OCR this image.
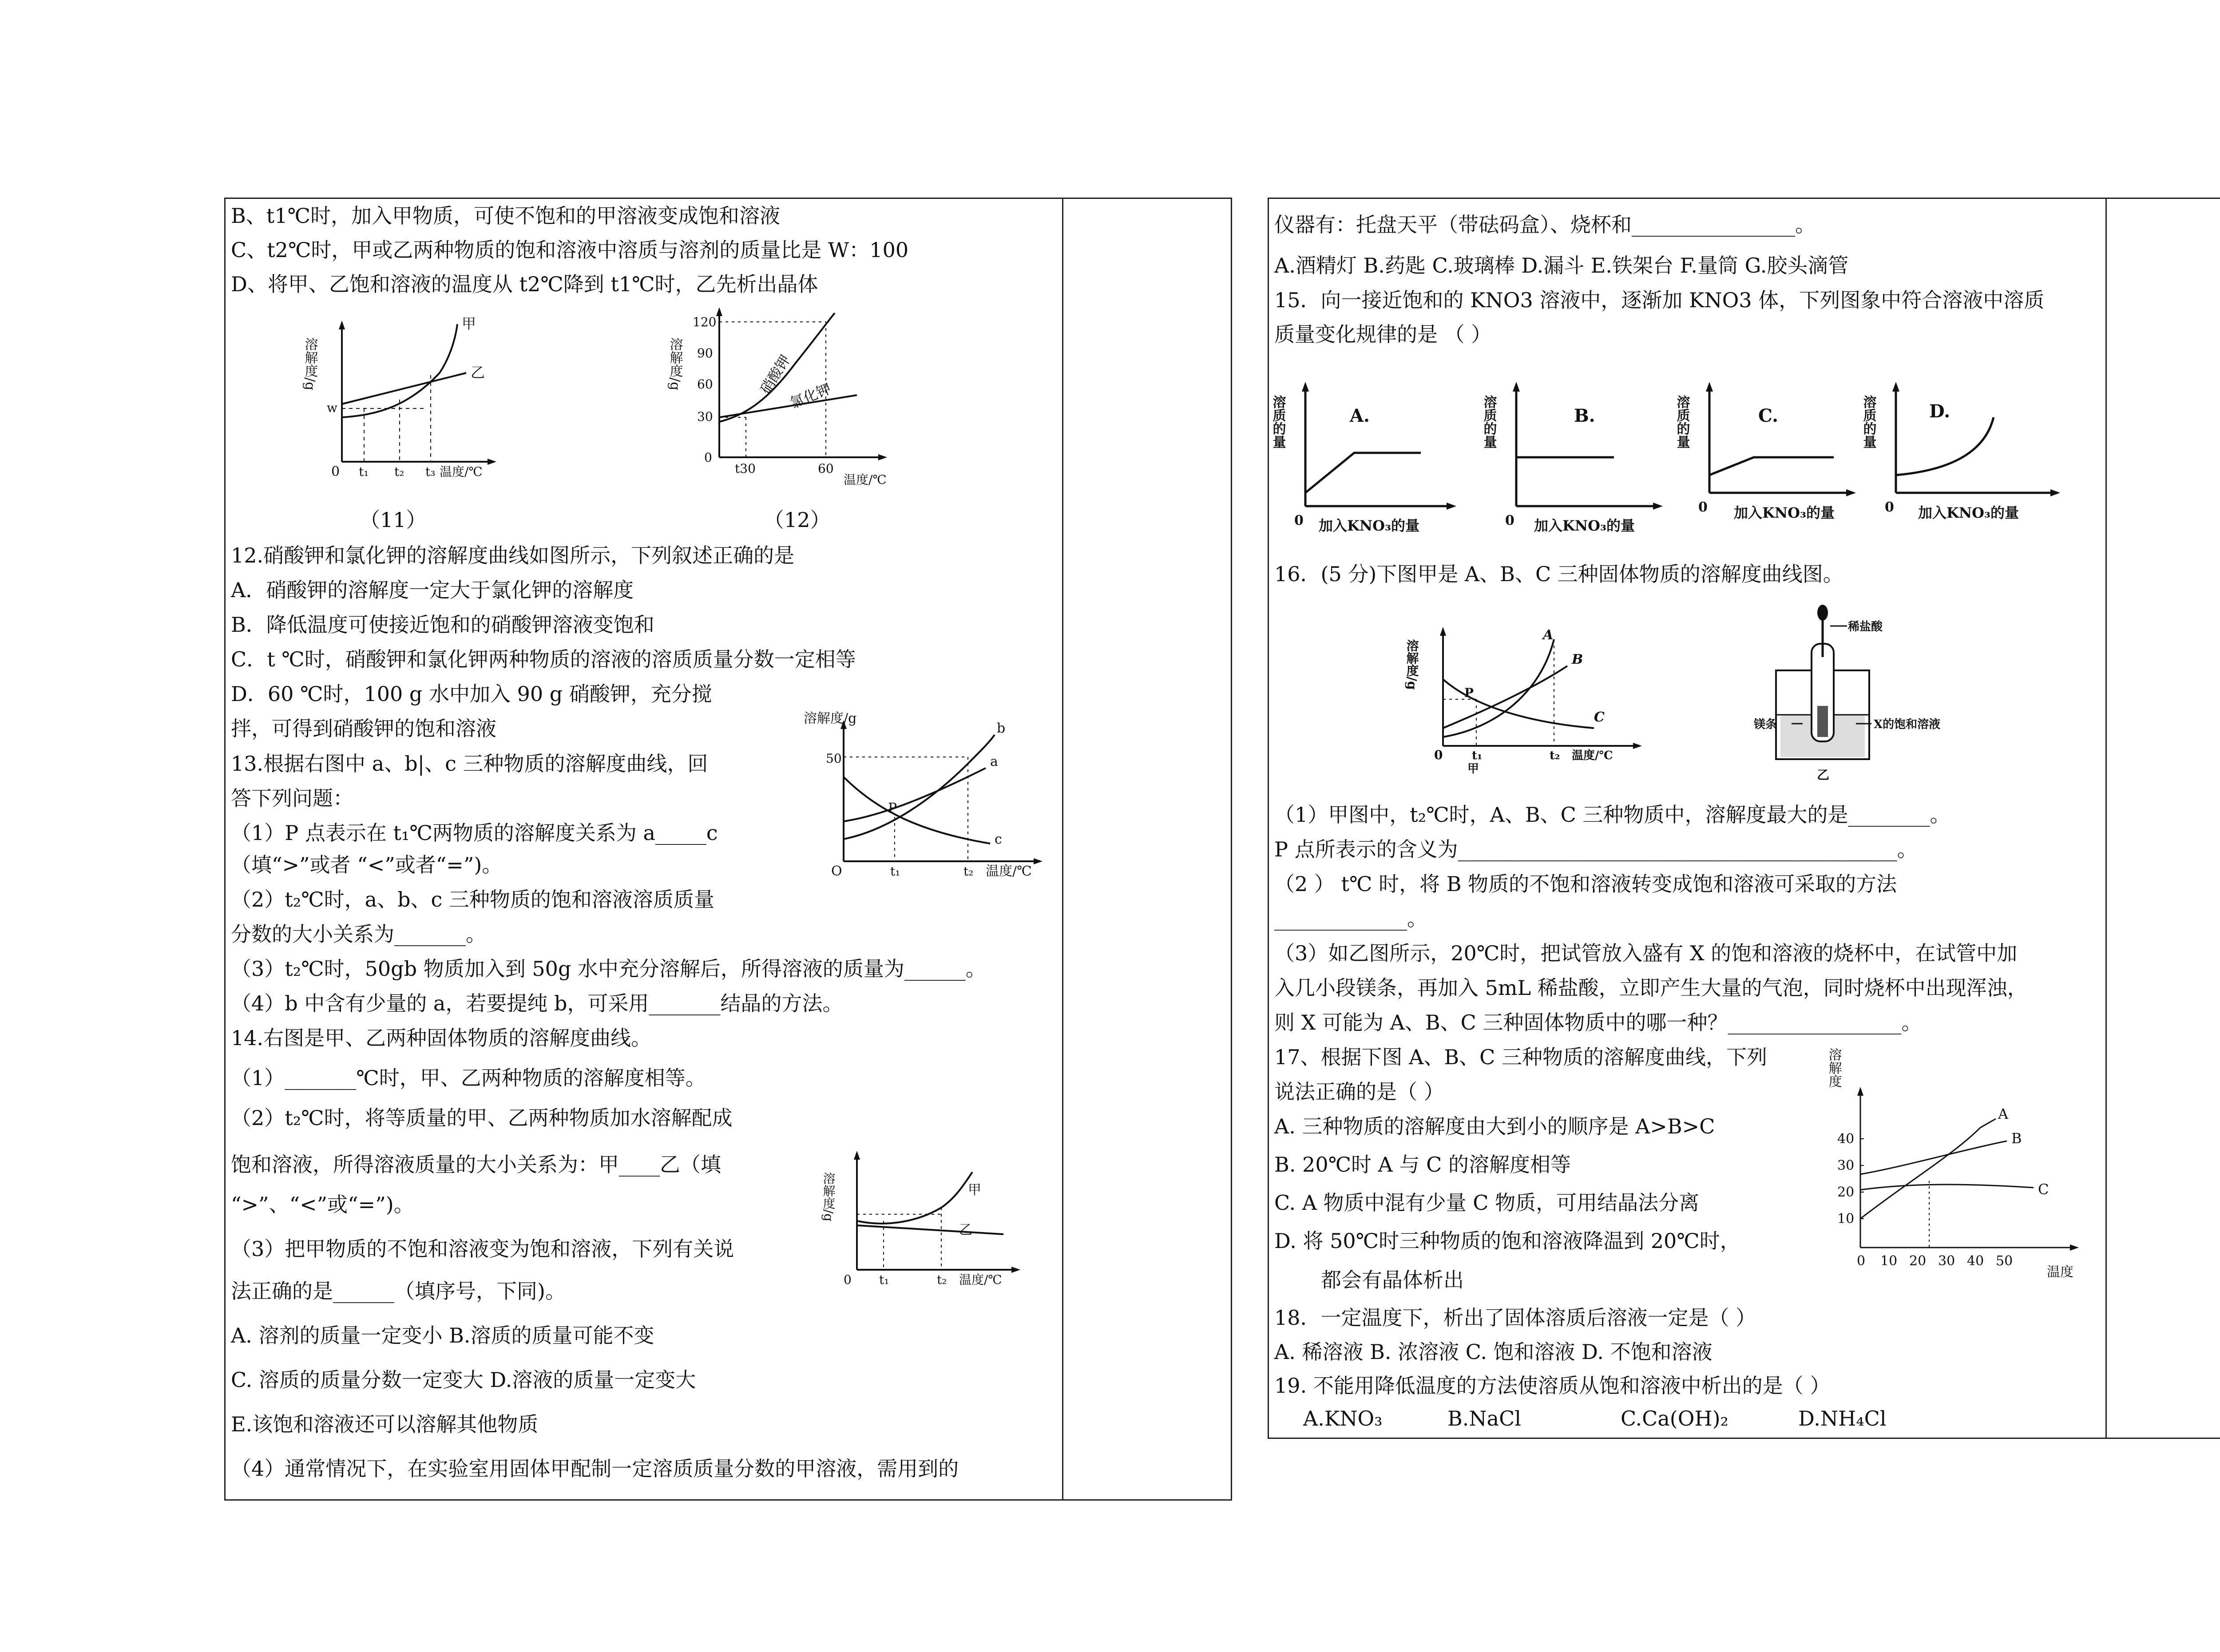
B、t1℃时，加入甲物质，可使不饱和的甲溶液变成饱和溶液
C、t2℃时，甲或乙两种物质的饱和溶液中溶质与溶剂的质量比是 W：100
D、将甲、乙饱和溶液的温度从 t2℃降到 t1℃时，乙先析出晶体
溶解度/g
甲
乙
w
0 t₁ t₂ t₃ 温度/℃
溶解度/g
120
90
60
30
0
t30	60
硝酸钾
氯化钾
温度/℃
（11）	（12）
12.硝酸钾和氯化钾的溶解度曲线如图所示，下列叙述正确的是
A．硝酸钾的溶解度一定大于氯化钾的溶解度
B．降低温度可使接近饱和的硝酸钾溶液变饱和
C．t ℃时，硝酸钾和氯化钾两种物质的溶液的溶质质量分数一定相等
D．60 ℃时，100 g 水中加入 90 g 硝酸钾，充分搅
拌，可得到硝酸钾的饱和溶液
13.根据右图中 a、b|、c 三种物质的溶解度曲线，回
答下列问题：
（1）P 点表示在 t₁℃两物质的溶解度关系为 a_____c
（填“>”或者 “<”或者“=”)。
（2）t₂℃时，a、b、c 三种物质的饱和溶液溶质质量
分数的大小关系为_______。
（3）t₂℃时，50gb 物质加入到 50g 水中充分溶解后，所得溶液的质量为______。
（4）b 中含有少量的 a，若要提纯 b，可采用_______结晶的方法。
溶解度/g
50
b
a
c
P
O	t₁	t₂ 温度/℃
14.右图是甲、乙两种固体物质的溶解度曲线。
（1）_______℃时，甲、乙两种物质的溶解度相等。
（2）t₂℃时，将等质量的甲、乙两种物质加水溶解配成
饱和溶液，所得溶液质量的大小关系为：甲____乙（填
“>”、“<”或“=”)。
（3）把甲物质的不饱和溶液变为饱和溶液，下列有关说
法正确的是______（填序号，下同)。
A. 溶剂的质量一定变小 B.溶质的质量可能不变
C. 溶质的质量分数一定变大 D.溶液的质量一定变大
E.该饱和溶液还可以溶解其他物质
（4）通常情况下，在实验室用固体甲配制一定溶质质量分数的甲溶液，需用到的
溶解度/g	甲
乙
0 t₁	t₂ 温度/℃
仪器有：托盘天平（带砝码盒）、烧杯和________________。
A.酒精灯 B.药匙 C.玻璃棒 D.漏斗 E.铁架台 F.量筒 G.胶头滴管
15．向一接近饱和的 KNO3 溶液中，逐渐加 KNO3 体，下列图象中符合溶液中溶质
质量变化规律的是 （ ）
溶质的量	A.
0 加入KNO₃的量
溶质的量	B.
0 加入KNO₃的量
溶质的量	C.
0 加入KNO₃的量
溶质的量	D.
0 加入KNO₃的量
16．(5 分)下图甲是 A、B、C 三种固体物质的溶解度曲线图。
溶解度/g
A
B
C
P
0	t₁	t₂ 温度/℃
甲
稀盐酸
镁条	X的饱和溶液
乙
（1）甲图中，t₂℃时，A、B、C 三种物质中，溶解度最大的是________。
P 点所表示的含义为___________________________________________。
（2 ） t℃ 时，将 B 物质的不饱和溶液转变成饱和溶液可采取的方法
_____________。
（3）如乙图所示，20℃时，把试管放入盛有 X 的饱和溶液的烧杯中，在试管中加
入几小段镁条，再加入 5mL 稀盐酸，立即产生大量的气泡，同时烧杯中出现浑浊，
则 X 可能为 A、B、C 三种固体物质中的哪一种？_________________。
17、根据下图 A、B、C 三种物质的溶解度曲线，下列
说法正确的是（ ）
A. 三种物质的溶解度由大到小的顺序是 A>B>C
B. 20℃时 A 与 C 的溶解度相等
C. A 物质中混有少量 C 物质，可用结晶法分离
D. 将 50℃时三种物质的饱和溶液降温到 20℃时，
都会有晶体析出
溶解度
40
30
20
10
0 10 20 30 40 50
A
B
C
温度
18．一定温度下，析出了固体溶质后溶液一定是（ ）
A. 稀溶液 B. 浓溶液 C. 饱和溶液 D. 不饱和溶液
19. 不能用降低温度的方法使溶质从饱和溶液中析出的是（ ）
A.KNO₃	B.NaCl	C.Ca(OH)₂	D.NH₄Cl
